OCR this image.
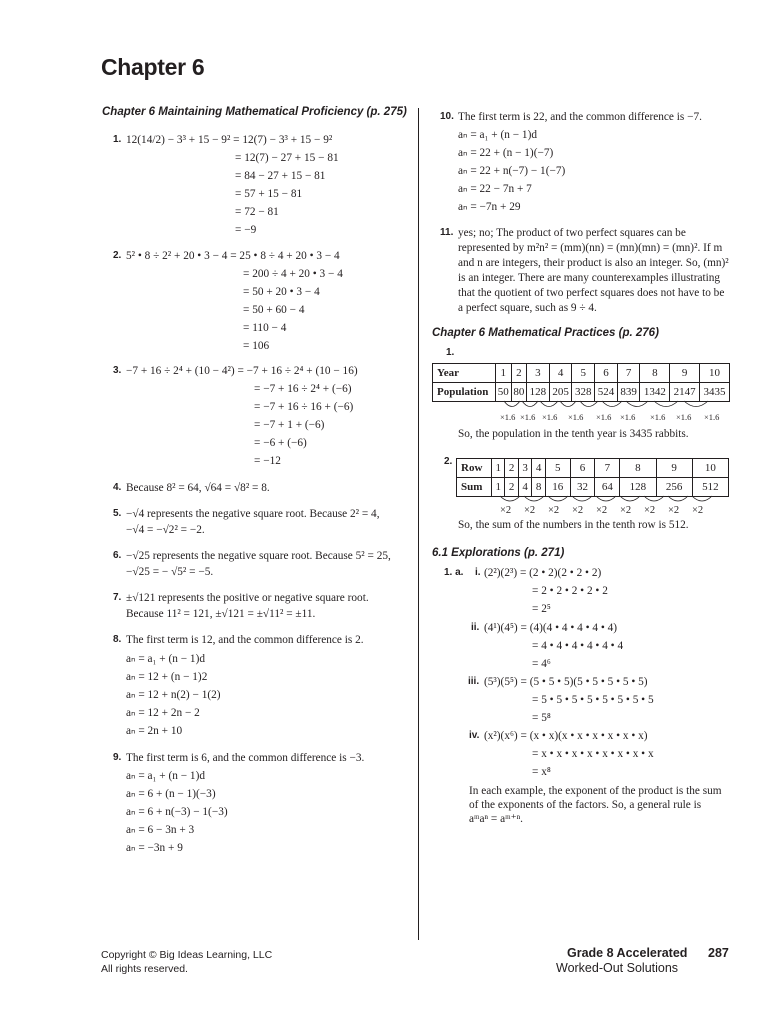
Chapter 6
Chapter 6 Maintaining Mathematical Proficiency (p. 275)
1. 12(14/2) − 3³ + 15 − 9² = 12(7) − 3³ + 15 − 9²
= 12(7) − 27 + 15 − 81
= 84 − 27 + 15 − 81
= 57 + 15 − 81
= 72 − 81
= −9
2. 5² • 8 ÷ 2² + 20 • 3 − 4 = 25 • 8 ÷ 4 + 20 • 3 − 4
= 200 ÷ 4 + 20 • 3 − 4
= 50 + 20 • 3 − 4
= 50 + 60 − 4
= 110 − 4
= 106
3. −7 + 16 ÷ 2⁴ + (10 − 4²) = −7 + 16 ÷ 2⁴ + (10 − 16)
= −7 + 16 ÷ 2⁴ + (−6)
= −7 + 16 ÷ 16 + (−6)
= −7 + 1 + (−6)
= −6 + (−6)
= −12
4. Because 8² = 64, √64 = √8² = 8.
5. −√4 represents the negative square root. Because 2² = 4,
−√4 = −√2² = −2.
6. −√25 represents the negative square root. Because 5² = 25,
−√25 = − √5² = −5.
7. ±√121 represents the positive or negative square root.
Because 11² = 121, ±√121 = ±√11² = ±11.
8. The first term is 12, and the common difference is 2.
aₙ = a₁ + (n − 1)d
aₙ = 12 + (n − 1)2
aₙ = 12 + n(2) − 1(2)
aₙ = 12 + 2n − 2
aₙ = 2n + 10
9. The first term is 6, and the common difference is −3.
aₙ = a₁ + (n − 1)d
aₙ = 6 + (n − 1)(−3)
aₙ = 6 + n(−3) − 1(−3)
aₙ = 6 − 3n + 3
aₙ = −3n + 9
10. The first term is 22, and the common difference is −7.
aₙ = a₁ + (n − 1)d
aₙ = 22 + (n − 1)(−7)
aₙ = 22 + n(−7) − 1(−7)
aₙ = 22 − 7n + 7
aₙ = −7n + 29
11. yes; no; The product of two perfect squares can be
represented by m²n² = (mm)(nn) = (mn)(mn) = (mn)². If m
and n are integers, their product is also an integer. So, (mn)²
is an integer. There are many counterexamples illustrating
that the quotient of two perfect squares does not have to be
a perfect square, such as 9 ÷ 4.
Chapter 6 Mathematical Practices (p. 276)
1.
Year	1	2	3	4	5	6	7	8	9	10
Population	50	80	128	205	328	524	839	1342	2147	3435
×1.6 ×1.6 ×1.6 ×1.6 ×1.6 ×1.6 ×1.6 ×1.6 ×1.6
So, the population in the tenth year is 3435 rabbits.
2.
Row	1	2	3	4	5	6	7	8	9	10
Sum	1	2	4	8	16	32	64	128	256	512
×2 ×2 ×2 ×2 ×2 ×2 ×2 ×2 ×2
So, the sum of the numbers in the tenth row is 512.
6.1 Explorations (p. 271)
1. a. i. (2²)(2³) = (2 • 2)(2 • 2 • 2)
= 2 • 2 • 2 • 2 • 2
= 2⁵
ii. (4¹)(4⁵) = (4)(4 • 4 • 4 • 4 • 4)
= 4 • 4 • 4 • 4 • 4 • 4
= 4⁶
iii. (5³)(5⁵) = (5 • 5 • 5)(5 • 5 • 5 • 5 • 5)
= 5 • 5 • 5 • 5 • 5 • 5 • 5 • 5
= 5⁸
iv. (x²)(x⁶) = (x • x)(x • x • x • x • x • x)
= x • x • x • x • x • x • x • x
= x⁸
In each example, the exponent of the product is the sum
of the exponents of the factors. So, a general rule is
aᵐaⁿ = aᵐ⁺ⁿ.
Copyright © Big Ideas Learning, LLC
All rights reserved.
Grade 8 Accelerated 287
Worked-Out Solutions
